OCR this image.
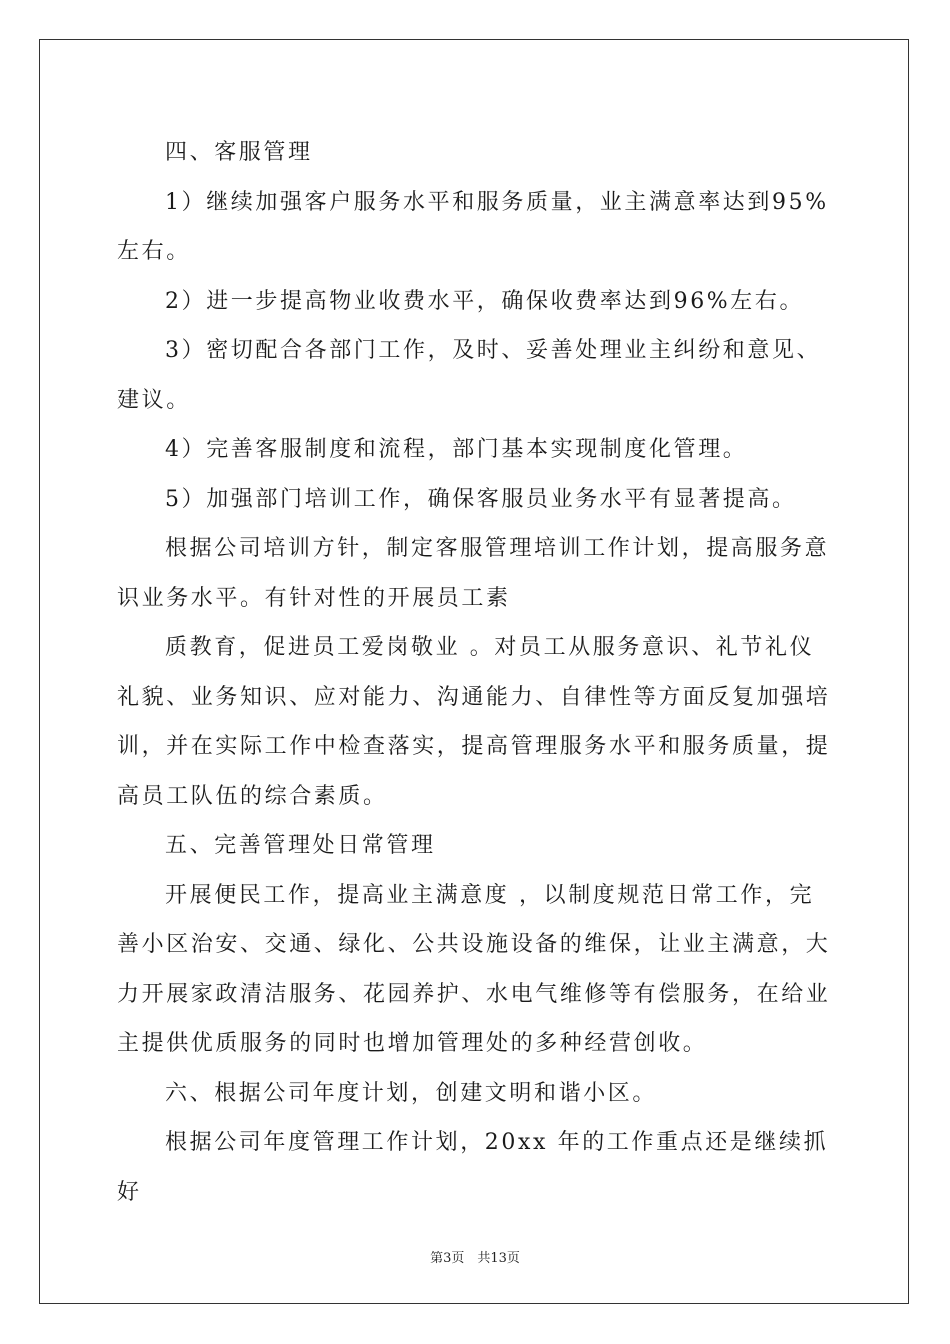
四、客服管理

1）继续加强客户服务水平和服务质量，业主满意率达到95%左右。

2）进一步提高物业收费水平，确保收费率达到96%左右。

3）密切配合各部门工作，及时、妥善处理业主纠纷和意见、建议。

4）完善客服制度和流程，部门基本实现制度化管理。

5）加强部门培训工作，确保客服员业务水平有显著提高。

根据公司培训方针，制定客服管理培训工作计划，提高服务意识业务水平。有针对性的开展员工素

质教育，促进员工爱岗敬业 。对员工从服务意识、礼节礼仪礼貌、业务知识、应对能力、沟通能力、自律性等方面反复加强培训，并在实际工作中检查落实，提高管理服务水平和服务质量，提高员工队伍的综合素质。

五、完善管理处日常管理

开展便民工作，提高业主满意度 ，以制度规范日常工作，完善小区治安、交通、绿化、公共设施设备的维保，让业主满意，大力开展家政清洁服务、花园养护、水电气维修等有偿服务，在给业主提供优质服务的同时也增加管理处的多种经营创收。

六、根据公司年度计划，创建文明和谐小区。

根据公司年度管理工作计划，20xx 年的工作重点还是继续抓好

第3页　共13页
